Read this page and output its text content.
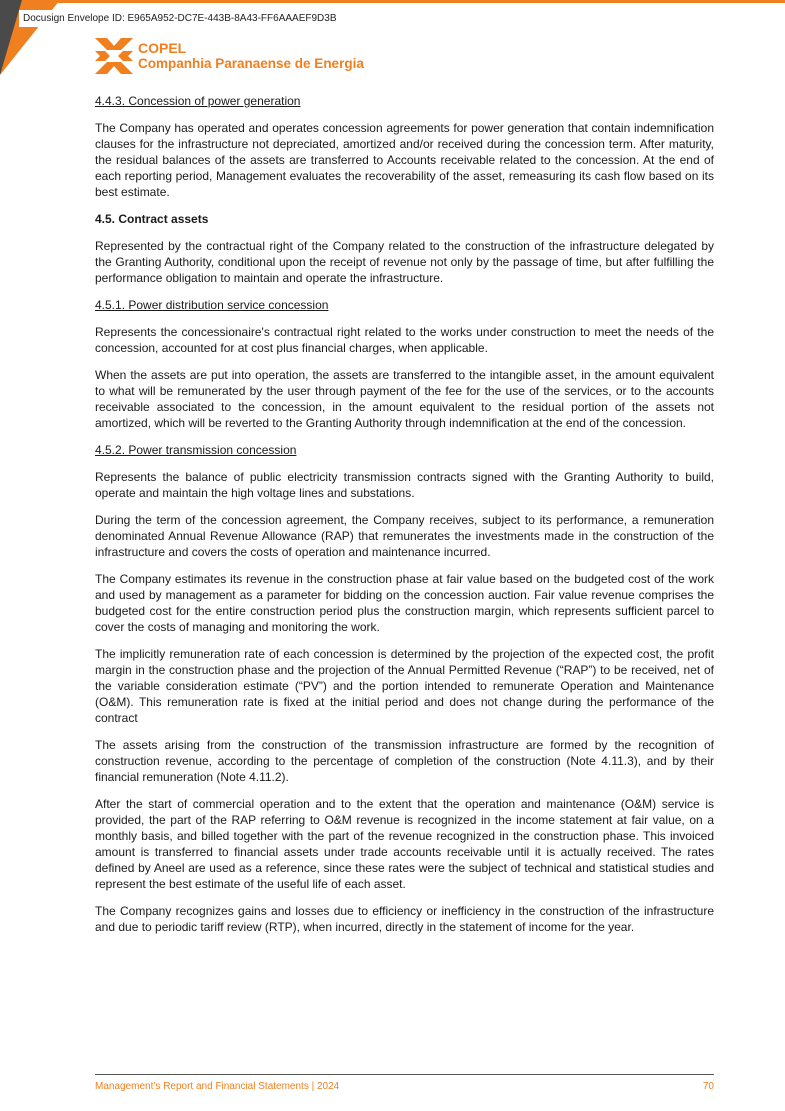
Docusign Envelope ID: E965A952-DC7E-443B-8A43-FF6AAAEF9D3B
COPEL
Companhia Paranaense de Energia

4.4.3. Concession of power generation

The Company has operated and operates concession agreements for power generation that contain indemnification clauses for the infrastructure not depreciated, amortized and/or received during the concession term. After maturity, the residual balances of the assets are transferred to Accounts receivable related to the concession. At the end of each reporting period, Management evaluates the recoverability of the asset, remeasuring its cash flow based on its best estimate.

4.5. Contract assets

Represented by the contractual right of the Company related to the construction of the infrastructure delegated by the Granting Authority, conditional upon the receipt of revenue not only by the passage of time, but after fulfilling the performance obligation to maintain and operate the infrastructure.

4.5.1. Power distribution service concession

Represents the concessionaire's contractual right related to the works under construction to meet the needs of the concession, accounted for at cost plus financial charges, when applicable.

When the assets are put into operation, the assets are transferred to the intangible asset, in the amount equivalent to what will be remunerated by the user through payment of the fee for the use of the services, or to the accounts receivable associated to the concession, in the amount equivalent to the residual portion of the assets not amortized, which will be reverted to the Granting Authority through indemnification at the end of the concession.

4.5.2. Power transmission concession

Represents the balance of public electricity transmission contracts signed with the Granting Authority to build, operate and maintain the high voltage lines and substations.

During the term of the concession agreement, the Company receives, subject to its performance, a remuneration denominated Annual Revenue Allowance (RAP) that remunerates the investments made in the construction of the infrastructure and covers the costs of operation and maintenance incurred.

The Company estimates its revenue in the construction phase at fair value based on the budgeted cost of the work and used by management as a parameter for bidding on the concession auction. Fair value revenue comprises the budgeted cost for the entire construction period plus the construction margin, which represents sufficient parcel to cover the costs of managing and monitoring the work.

The implicitly remuneration rate of each concession is determined by the projection of the expected cost, the profit margin in the construction phase and the projection of the Annual Permitted Revenue (“RAP”) to be received, net of the variable consideration estimate (“PV”) and the portion intended to remunerate Operation and Maintenance (O&M). This remuneration rate is fixed at the initial period and does not change during the performance of the contract

The assets arising from the construction of the transmission infrastructure are formed by the recognition of construction revenue, according to the percentage of completion of the construction (Note 4.11.3), and by their financial remuneration (Note 4.11.2).

After the start of commercial operation and to the extent that the operation and maintenance (O&M) service is provided, the part of the RAP referring to O&M revenue is recognized in the income statement at fair value, on a monthly basis, and billed together with the part of the revenue recognized in the construction phase. This invoiced amount is transferred to financial assets under trade accounts receivable until it is actually received. The rates defined by Aneel are used as a reference, since these rates were the subject of technical and statistical studies and represent the best estimate of the useful life of each asset.

The Company recognizes gains and losses due to efficiency or inefficiency in the construction of the infrastructure and due to periodic tariff review (RTP), when incurred, directly in the statement of income for the year.

Management’s Report and Financial Statements | 2024	70
